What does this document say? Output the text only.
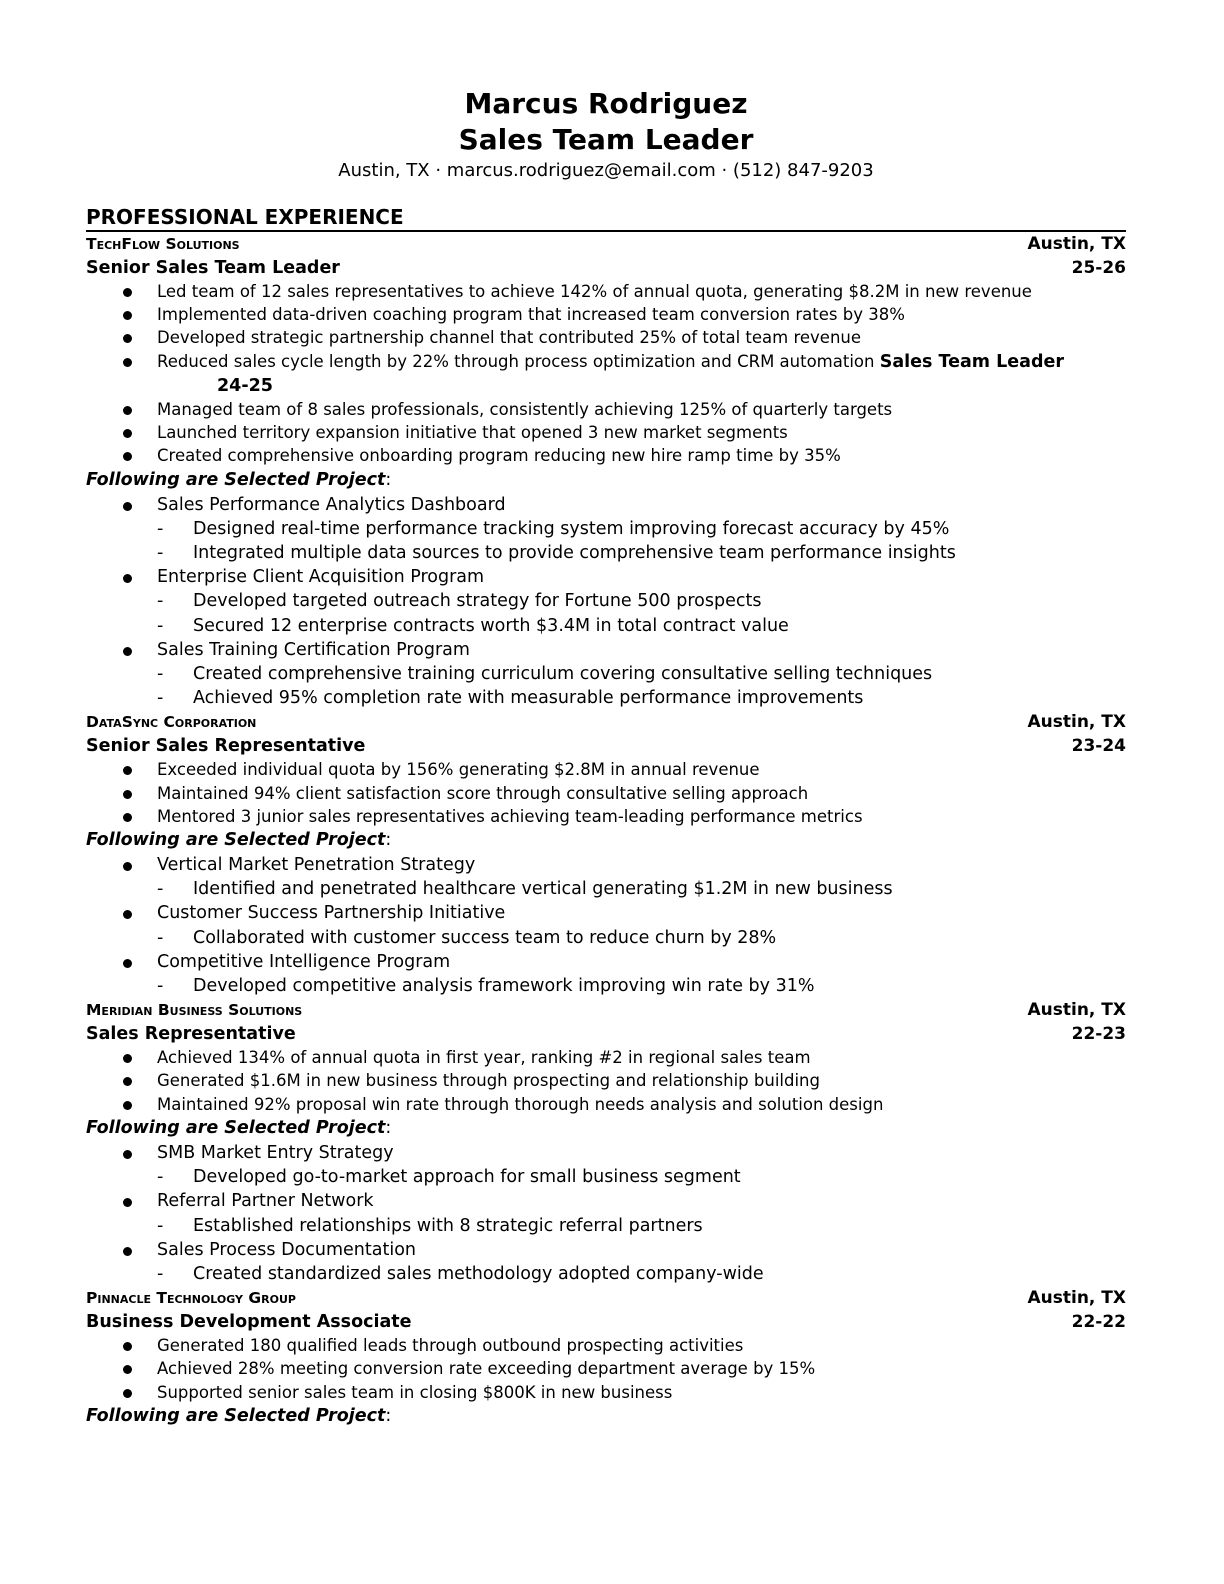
Marcus Rodriguez
Sales Team Leader
Austin, TX · marcus.rodriguez@email.com · (512) 847-9203
PROFESSIONAL EXPERIENCE
TechFlow Solutions	Austin, TX
Senior Sales Team Leader	25-26
Led team of 12 sales representatives to achieve 142% of annual quota, generating $8.2M in new revenue
Implemented data-driven coaching program that increased team conversion rates by 38%
Developed strategic partnership channel that contributed 25% of total team revenue
Reduced sales cycle length by 22% through process optimization and CRM automation Sales Team Leader24-25
Managed team of 8 sales professionals, consistently achieving 125% of quarterly targets
Launched territory expansion initiative that opened 3 new market segments
Created comprehensive onboarding program reducing new hire ramp time by 35%
Following are Selected Project:
Sales Performance Analytics Dashboard
- Designed real-time performance tracking system improving forecast accuracy by 45%
- Integrated multiple data sources to provide comprehensive team performance insights
Enterprise Client Acquisition Program
- Developed targeted outreach strategy for Fortune 500 prospects
- Secured 12 enterprise contracts worth $3.4M in total contract value
Sales Training Certification Program
- Created comprehensive training curriculum covering consultative selling techniques
- Achieved 95% completion rate with measurable performance improvements
DataSync Corporation	Austin, TX
Senior Sales Representative	23-24
Exceeded individual quota by 156% generating $2.8M in annual revenue
Maintained 94% client satisfaction score through consultative selling approach
Mentored 3 junior sales representatives achieving team-leading performance metrics
Following are Selected Project:
Vertical Market Penetration Strategy
- Identified and penetrated healthcare vertical generating $1.2M in new business
Customer Success Partnership Initiative
- Collaborated with customer success team to reduce churn by 28%
Competitive Intelligence Program
- Developed competitive analysis framework improving win rate by 31%
Meridian Business Solutions	Austin, TX
Sales Representative	22-23
Achieved 134% of annual quota in first year, ranking #2 in regional sales team
Generated $1.6M in new business through prospecting and relationship building
Maintained 92% proposal win rate through thorough needs analysis and solution design
Following are Selected Project:
SMB Market Entry Strategy
- Developed go-to-market approach for small business segment
Referral Partner Network
- Established relationships with 8 strategic referral partners
Sales Process Documentation
- Created standardized sales methodology adopted company-wide
Pinnacle Technology Group	Austin, TX
Business Development Associate	22-22
Generated 180 qualified leads through outbound prospecting activities
Achieved 28% meeting conversion rate exceeding department average by 15%
Supported senior sales team in closing $800K in new business
Following are Selected Project:
